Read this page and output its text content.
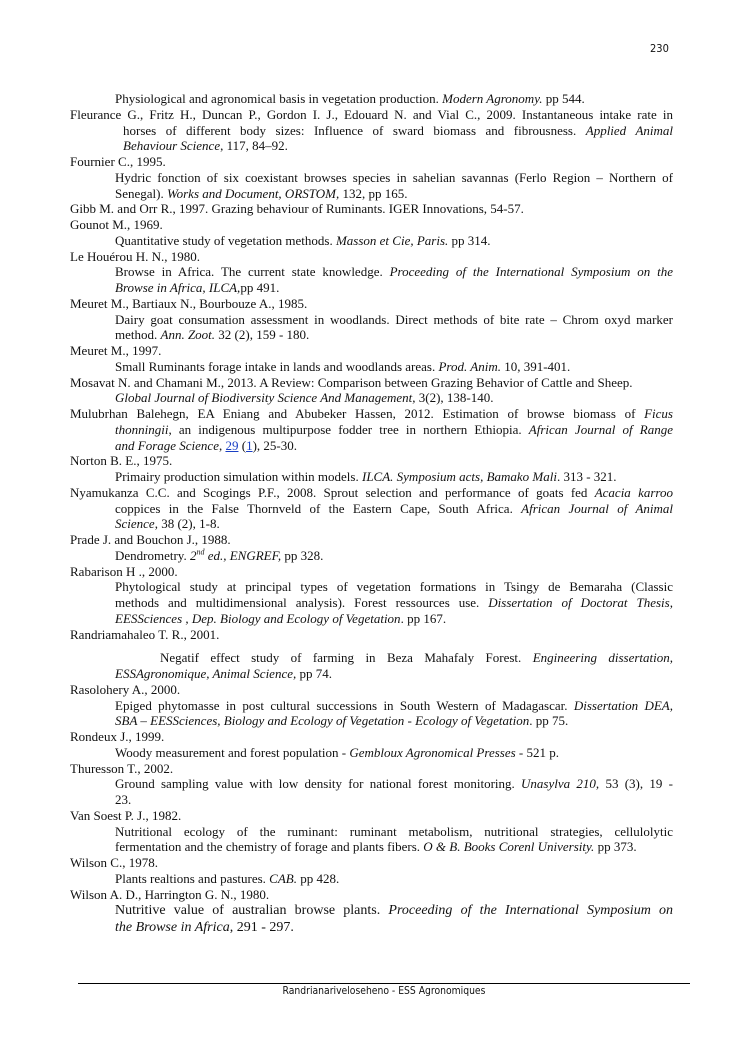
230
Physiological and agronomical basis in vegetation production. Modern Agronomy. pp 544.
Fleurance G., Fritz H., Duncan P., Gordon I. J., Edouard N. and Vial C., 2009. Instantaneous intake rate in
horses of different body sizes: Influence of sward biomass and fibrousness. Applied Animal
Behaviour Science, 117, 84–92.
Fournier C., 1995.
Hydric fonction of six coexistant browses species in sahelian savannas (Ferlo Region – Northern of
Senegal). Works and Document, ORSTOM, 132, pp 165.
Gibb M. and Orr R., 1997. Grazing behaviour of Ruminants. IGER Innovations, 54-57.
Gounot M., 1969.
Quantitative study of vegetation methods. Masson et Cie, Paris. pp 314.
Le Houérou H. N., 1980.
Browse in Africa. The current state knowledge. Proceeding of the International Symposium on the
Browse in Africa, ILCA,pp 491.
Meuret M., Bartiaux N., Bourbouze A., 1985.
Dairy goat consumation assessment in woodlands. Direct methods of bite rate – Chrom oxyd marker
method. Ann. Zoot. 32 (2), 159 - 180.
Meuret M., 1997.
Small Ruminants forage intake in lands and woodlands areas. Prod. Anim. 10, 391-401.
Mosavat N. and Chamani M., 2013. A Review: Comparison between Grazing Behavior of Cattle and Sheep.
Global Journal of Biodiversity Science And Management, 3(2), 138-140.
Mulubrhan Balehegn, EA Eniang and Abubeker Hassen, 2012. Estimation of browse biomass of Ficus
thonningii, an indigenous multipurpose fodder tree in northern Ethiopia. African Journal of Range
and Forage Science, 29 (1), 25-30.
Norton B. E., 1975.
Primairy production simulation within models. ILCA. Symposium acts, Bamako Mali. 313 - 321.
Nyamukanza C.C. and Scogings P.F., 2008. Sprout selection and performance of goats fed Acacia karroo
coppices in the False Thornveld of the Eastern Cape, South Africa. African Journal of Animal
Science, 38 (2), 1-8.
Prade J. and Bouchon J., 1988.
Dendrometry. 2nd ed., ENGREF, pp 328.
Rabarison H ., 2000.
Phytological study at principal types of vegetation formations in Tsingy de Bemaraha (Classic
methods and multidimensional analysis). Forest ressources use. Dissertation of Doctorat Thesis,
EESSciences , Dep. Biology and Ecology of Vegetation. pp 167.
Randriamahaleo T. R., 2001.
Negatif effect study of farming in Beza Mahafaly Forest. Engineering dissertation,
ESSAgronomique, Animal Science, pp 74.
Rasolohery A., 2000.
Epiged phytomasse in post cultural successions in South Western of Madagascar. Dissertation DEA,
SBA – EESSciences, Biology and Ecology of Vegetation - Ecology of Vegetation. pp 75.
Rondeux J., 1999.
Woody measurement and forest population - Gembloux Agronomical Presses - 521 p.
Thuresson T., 2002.
Ground sampling value with low density for national forest monitoring. Unasylva 210, 53 (3), 19 -
23.
Van Soest P. J., 1982.
Nutritional ecology of the ruminant: ruminant metabolism, nutritional strategies, cellulolytic
fermentation and the chemistry of forage and plants fibers. O & B. Books Corenl University. pp 373.
Wilson C., 1978.
Plants realtions and pastures. CAB. pp 428.
Wilson A. D., Harrington G. N., 1980.
Nutritive value of australian browse plants. Proceeding of the International Symposium on
the Browse in Africa, 291 - 297.
Randrianariveloseheno - ESS Agronomiques
